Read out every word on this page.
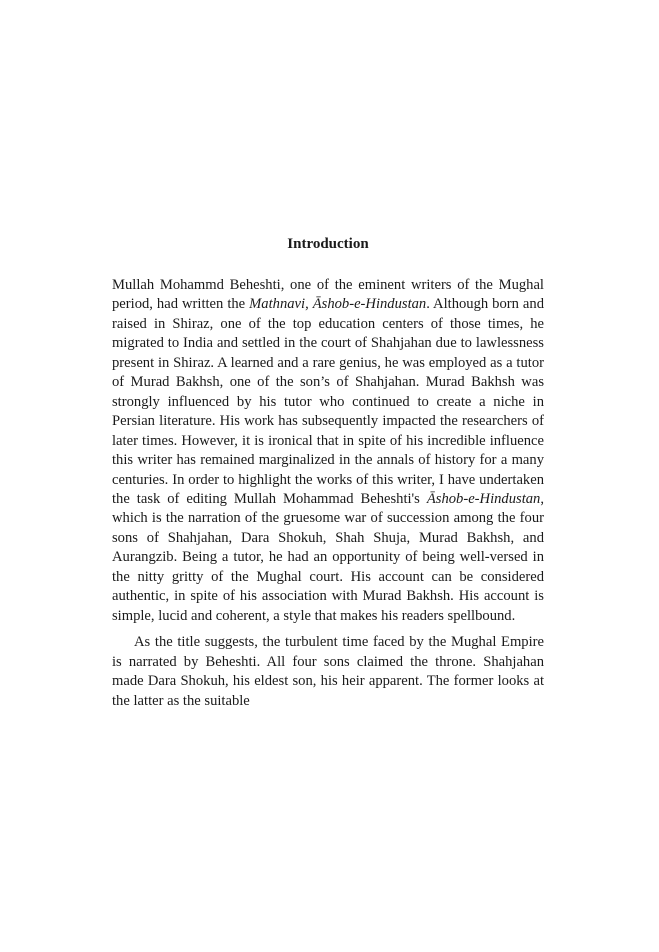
Introduction

Mullah Mohammd Beheshti, one of the eminent writers of the Mughal period, had written the Mathnavi, Āshob-e-Hindustan. Although born and raised in Shiraz, one of the top education centers of those times, he migrated to India and settled in the court of Shahjahan due to lawlessness present in Shiraz. A learned and a rare genius, he was employed as a tutor of Murad Bakhsh, one of the son’s of Shahjahan. Murad Bakhsh was strongly influenced by his tutor who continued to create a niche in Persian literature. His work has subsequently impacted the researchers of later times. However, it is ironical that in spite of his incredible influence this writer has remained marginalized in the annals of history for a many centuries. In order to highlight the works of this writer, I have undertaken the task of editing Mullah Mohammad Beheshti's Āshob-e-Hindustan, which is the narration of the gruesome war of succession among the four sons of Shahjahan, Dara Shokuh, Shah Shuja, Murad Bakhsh, and Aurangzib. Being a tutor, he had an opportunity of being well-versed in the nitty gritty of the Mughal court. His account can be considered authentic, in spite of his association with Murad Bakhsh. His account is simple, lucid and coherent, a style that makes his readers spellbound.

As the title suggests, the turbulent time faced by the Mughal Empire is narrated by Beheshti. All four sons claimed the throne. Shahjahan made Dara Shokuh, his eldest son, his heir apparent. The former looks at the latter as the suitable
